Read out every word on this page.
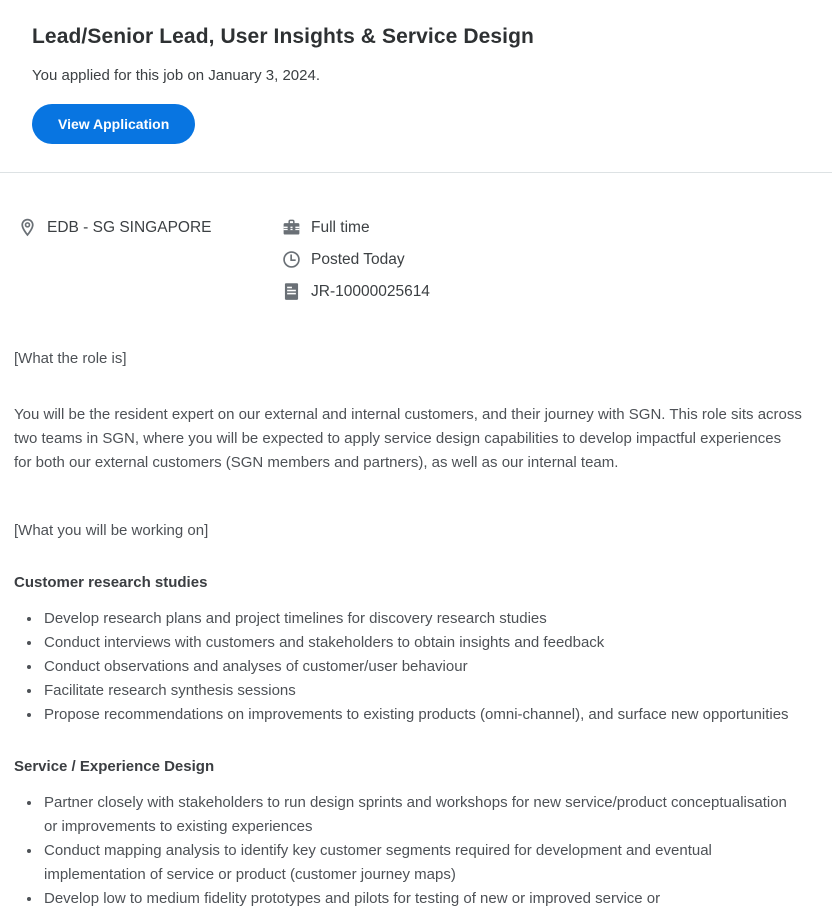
Lead/Senior Lead, User Insights & Service Design

You applied for this job on January 3, 2024.

View Application
EDB - SG SINGAPORE	Full time
Posted Today
JR-10000025614

[What the role is]

You will be the resident expert on our external and internal customers, and their journey with SGN. This role sits across two teams in SGN, where you will be expected to apply service design capabilities to develop impactful experiences for both our external customers (SGN members and partners), as well as our internal team.

[What you will be working on]

Customer research studies
• Develop research plans and project timelines for discovery research studies
• Conduct interviews with customers and stakeholders to obtain insights and feedback
• Conduct observations and analyses of customer/user behaviour
• Facilitate research synthesis sessions
• Propose recommendations on improvements to existing products (omni-channel), and surface new opportunities
Service / Experience Design
• Partner closely with stakeholders to run design sprints and workshops for new service/product conceptualisation or improvements to existing experiences
• Conduct mapping analysis to identify key customer segments required for development and eventual implementation of service or product (customer journey maps)
• Develop low to medium fidelity prototypes and pilots for testing of new or improved service or
